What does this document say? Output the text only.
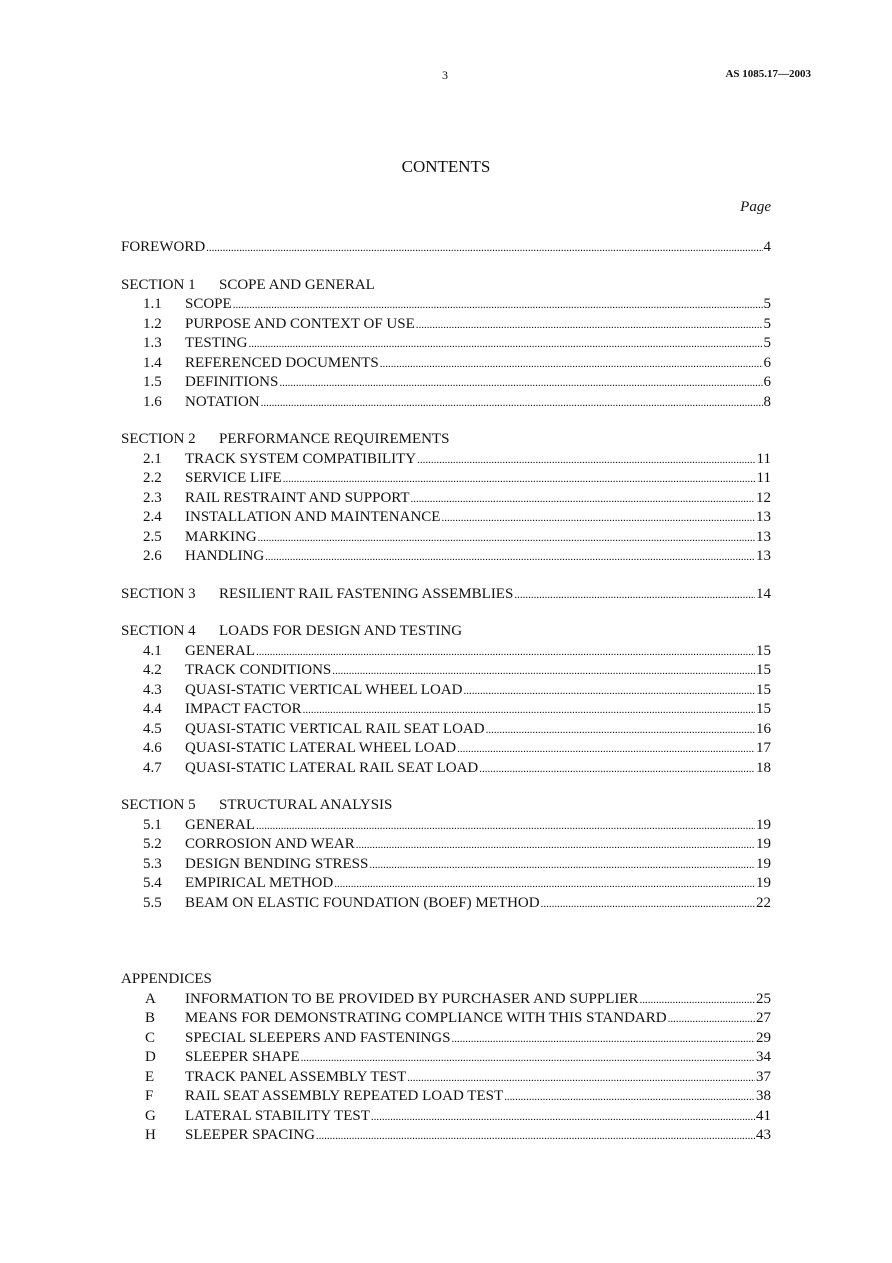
3	AS 1085.17—2003
CONTENTS
Page
FOREWORD .....	4
SECTION 1 SCOPE AND GENERAL
1.1	SCOPE .....	5
1.2	PURPOSE AND CONTEXT OF USE .....	5
1.3	TESTING .....	5
1.4	REFERENCED DOCUMENTS .....	6
1.5	DEFINITIONS .....	6
1.6	NOTATION .....	8
SECTION 2 PERFORMANCE REQUIREMENTS
2.1	TRACK SYSTEM COMPATIBILITY .....	11
2.2	SERVICE LIFE .....	11
2.3	RAIL RESTRAINT AND SUPPORT .....	12
2.4	INSTALLATION AND MAINTENANCE .....	13
2.5	MARKING .....	13
2.6	HANDLING .....	13
SECTION 3	RESILIENT RAIL FASTENING ASSEMBLIES .....	14
SECTION 4 LOADS FOR DESIGN AND TESTING
4.1	GENERAL .....	15
4.2	TRACK CONDITIONS .....	15
4.3	QUASI-STATIC VERTICAL WHEEL LOAD .....	15
4.4	IMPACT FACTOR .....	15
4.5	QUASI-STATIC VERTICAL RAIL SEAT LOAD .....	16
4.6	QUASI-STATIC LATERAL WHEEL LOAD .....	17
4.7	QUASI-STATIC LATERAL RAIL SEAT LOAD .....	18
SECTION 5 STRUCTURAL ANALYSIS
5.1	GENERAL .....	19
5.2	CORROSION AND WEAR .....	19
5.3	DESIGN BENDING STRESS .....	19
5.4	EMPIRICAL METHOD .....	19
5.5	BEAM ON ELASTIC FOUNDATION (BOEF) METHOD .....	22
APPENDICES
A	INFORMATION TO BE PROVIDED BY PURCHASER AND SUPPLIER .....	25
B	MEANS FOR DEMONSTRATING COMPLIANCE WITH THIS STANDARD .....	27
C	SPECIAL SLEEPERS AND FASTENINGS .....	29
D	SLEEPER SHAPE .....	34
E	TRACK PANEL ASSEMBLY TEST .....	37
F	RAIL SEAT ASSEMBLY REPEATED LOAD TEST .....	38
G	LATERAL STABILITY TEST .....	41
H	SLEEPER SPACING .....	43
